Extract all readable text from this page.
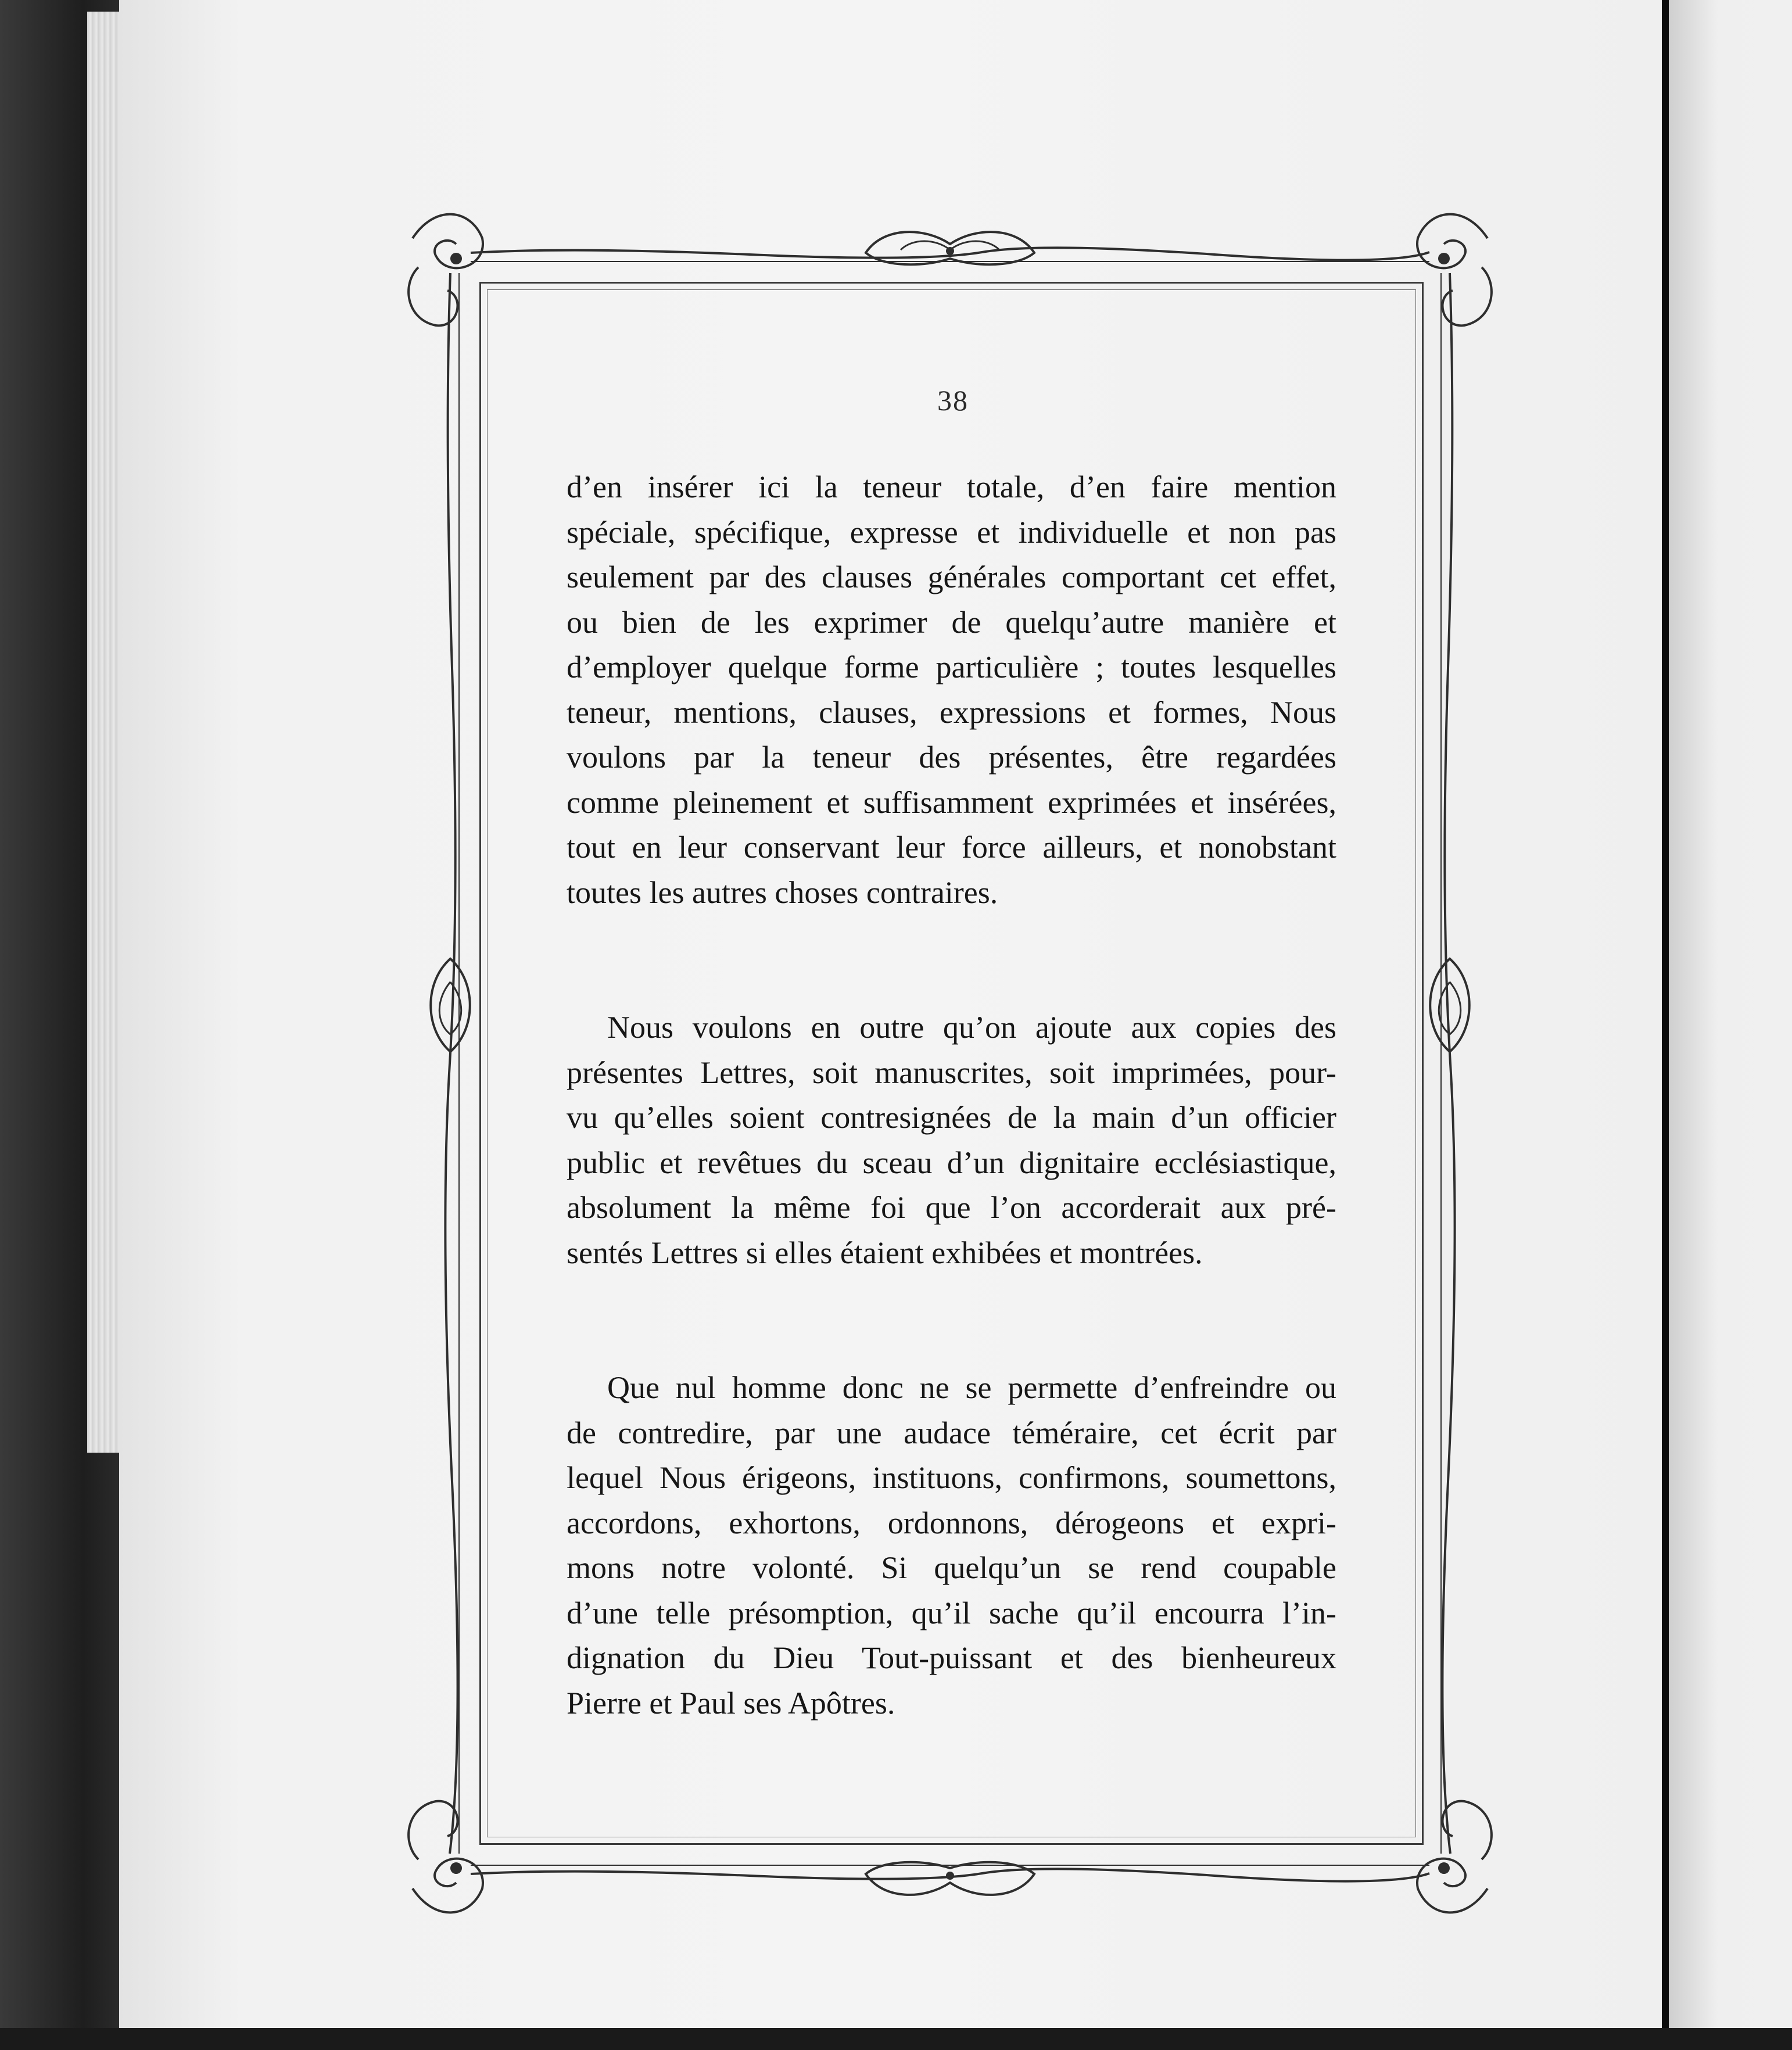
38
d’en insérer ici la teneur totale, d’en faire mention
spéciale, spécifique, expresse et individuelle et non pas
seulement par des clauses générales comportant cet effet,
ou bien de les exprimer de quelqu’autre manière et
d’employer quelque forme particulière ; toutes lesquelles
teneur, mentions, clauses, expressions et formes, Nous
voulons par la teneur des présentes, être regardées
comme pleinement et suffisamment exprimées et insérées,
tout en leur conservant leur force ailleurs, et nonobstant
toutes les autres choses contraires.
Nous voulons en outre qu’on ajoute aux copies des
présentes Lettres, soit manuscrites, soit imprimées, pour-
vu qu’elles soient contresignées de la main d’un officier
public et revêtues du sceau d’un dignitaire ecclésiastique,
absolument la même foi que l’on accorderait aux pré-
sentés Lettres si elles étaient exhibées et montrées.
Que nul homme donc ne se permette d’enfreindre ou
de contredire, par une audace téméraire, cet écrit par
lequel Nous érigeons, instituons, confirmons, soumettons,
accordons, exhortons, ordonnons, dérogeons et expri-
mons notre volonté. Si quelqu’un se rend coupable
d’une telle présomption, qu’il sache qu’il encourra l’in-
dignation du Dieu Tout-puissant et des bienheureux
Pierre et Paul ses Apôtres.
